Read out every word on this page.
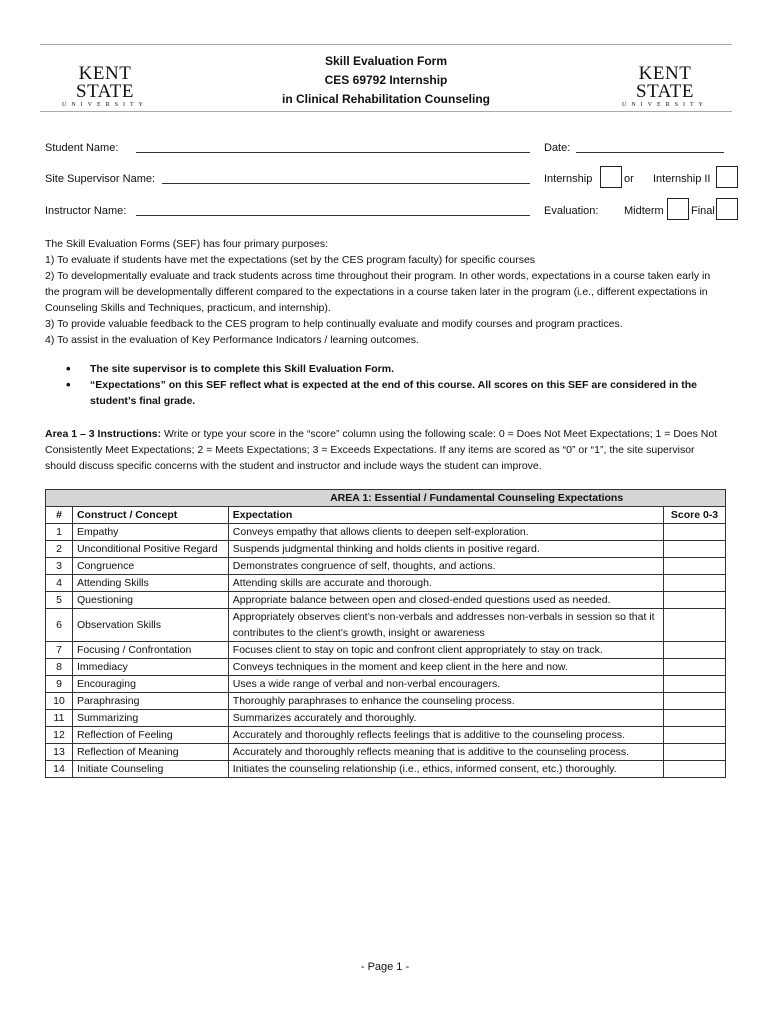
KENT STATE
UNIVERSITY
Skill Evaluation Form
CES 69792 Internship
in Clinical Rehabilitation Counseling
KENT STATE
UNIVERSITY
Student Name:	Date:
Site Supervisor Name:	Internship	or Internship II
Instructor Name:	Evaluation: Midterm Final
The Skill Evaluation Forms (SEF) has four primary purposes:
1) To evaluate if students have met the expectations (set by the CES program faculty) for specific courses
2) To developmentally evaluate and track students across time throughout their program. In other words, expectations in a course taken early in the program will be developmentally different compared to the expectations in a course taken later in the program (i.e., different expectations in Counseling Skills and Techniques, practicum, and internship).
3) To provide valuable feedback to the CES program to help continually evaluate and modify courses and program practices.
4) To assist in the evaluation of Key Performance Indicators / learning outcomes.
• The site supervisor is to complete this Skill Evaluation Form.
• “Expectations” on this SEF reflect what is expected at the end of this course. All scores on this SEF are considered in the student’s final grade.
Area 1 – 3 Instructions: Write or type your score in the “score” column using the following scale: 0 = Does Not Meet Expectations; 1 = Does Not Consistently Meet Expectations; 2 = Meets Expectations; 3 = Exceeds Expectations. If any items are scored as “0” or “1”, the site supervisor should discuss specific concerns with the student and instructor and include ways the student can improve.
		AREA 1: Essential / Fundamental Counseling Expectations	
#	Construct / Concept	Expectation	Score 0-3
1	Empathy	Conveys empathy that allows clients to deepen self-exploration.	
2	Unconditional Positive Regard	Suspends judgmental thinking and holds clients in positive regard.	
3	Congruence	Demonstrates congruence of self, thoughts, and actions.	
4	Attending Skills	Attending skills are accurate and thorough.	
5	Questioning	Appropriate balance between open and closed-ended questions used as needed.	
6	Observation Skills	Appropriately observes client’s non-verbals and addresses non-verbals in session so that it contributes to the client’s growth, insight or awareness	
7	Focusing / Confrontation	Focuses client to stay on topic and confront client appropriately to stay on track.	
8	Immediacy	Conveys techniques in the moment and keep client in the here and now.	
9	Encouraging	Uses a wide range of verbal and non-verbal encouragers.	
10	Paraphrasing	Thoroughly paraphrases to enhance the counseling process.	
11	Summarizing	Summarizes accurately and thoroughly.	
12	Reflection of Feeling	Accurately and thoroughly reflects feelings that is additive to the counseling process.	
13	Reflection of Meaning	Accurately and thoroughly reflects meaning that is additive to the counseling process.	
14	Initiate Counseling	Initiates the counseling relationship (i.e., ethics, informed consent, etc.) thoroughly.	
- Page 1 -
